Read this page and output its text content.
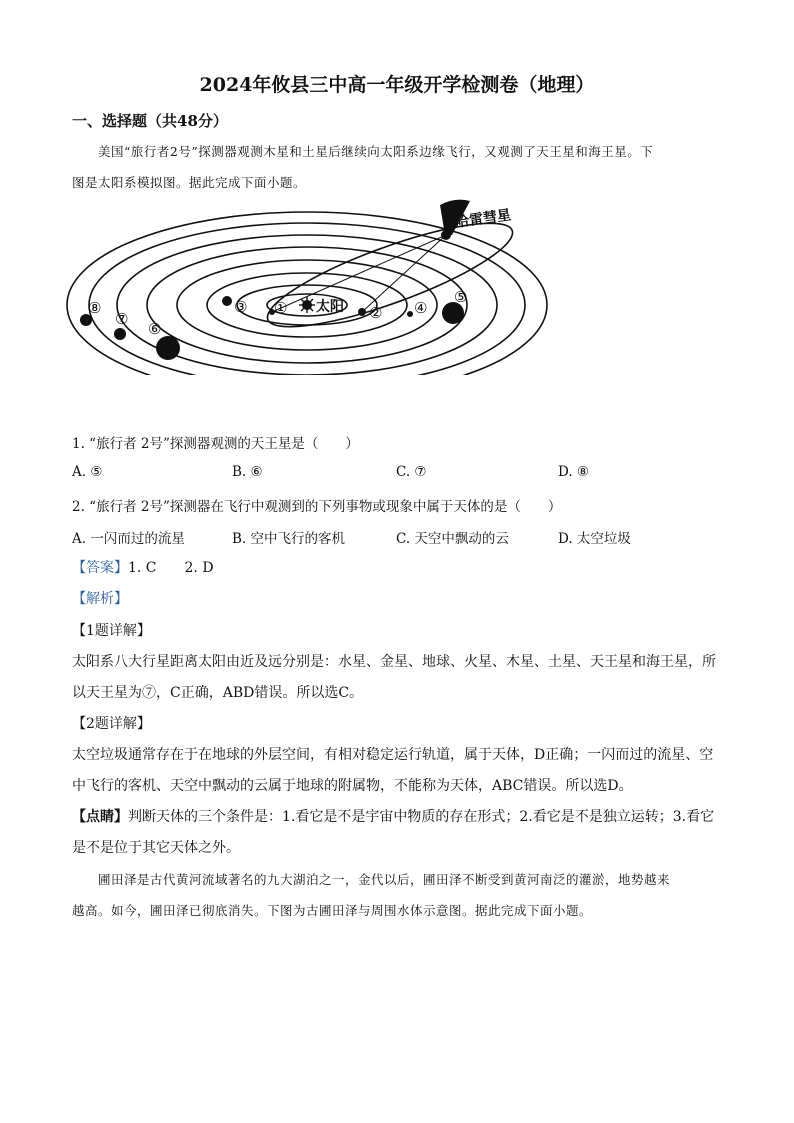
2024年攸县三中高一年级开学检测卷（地理）
一、选择题（共48分）
美国“旅行者2号”探测器观测木星和土星后继续向太阳系边缘飞行，又观测了天王星和海王星。下
图是太阳系模拟图。据此完成下面小题。
哈雷彗星
太阳
①	②
③	④
⑤
⑥
⑦
⑧
1. “旅行者 2号”探测器观测的天王星是（　　）
A. ⑤	B. ⑥	C. ⑦	D. ⑧
2. “旅行者 2号”探测器在飞行中观测到的下列事物或现象中属于天体的是（　　）
A. 一闪而过的流星	B. 空中飞行的客机	C. 天空中飘动的云	D. 太空垃圾
【答案】1. C　　2. D
【解析】
【1题详解】
太阳系八大行星距离太阳由近及远分别是：水星、金星、地球、火星、木星、土星、天王星和海王星，所
以天王星为⑦，C正确，ABD错误。所以选C。
【2题详解】
太空垃圾通常存在于在地球的外层空间，有相对稳定运行轨道，属于天体，D正确；一闪而过的流星、空
中飞行的客机、天空中飘动的云属于地球的附属物，不能称为天体，ABC错误。所以选D。
【点睛】判断天体的三个条件是：1.看它是不是宇宙中物质的存在形式；2.看它是不是独立运转；3.看它
是不是位于其它天体之外。
圃田泽是古代黄河流域著名的九大湖泊之一，金代以后，圃田泽不断受到黄河南泛的灌淤，地势越来
越高。如今，圃田泽已彻底消失。下图为古圃田泽与周围水体示意图。据此完成下面小题。
